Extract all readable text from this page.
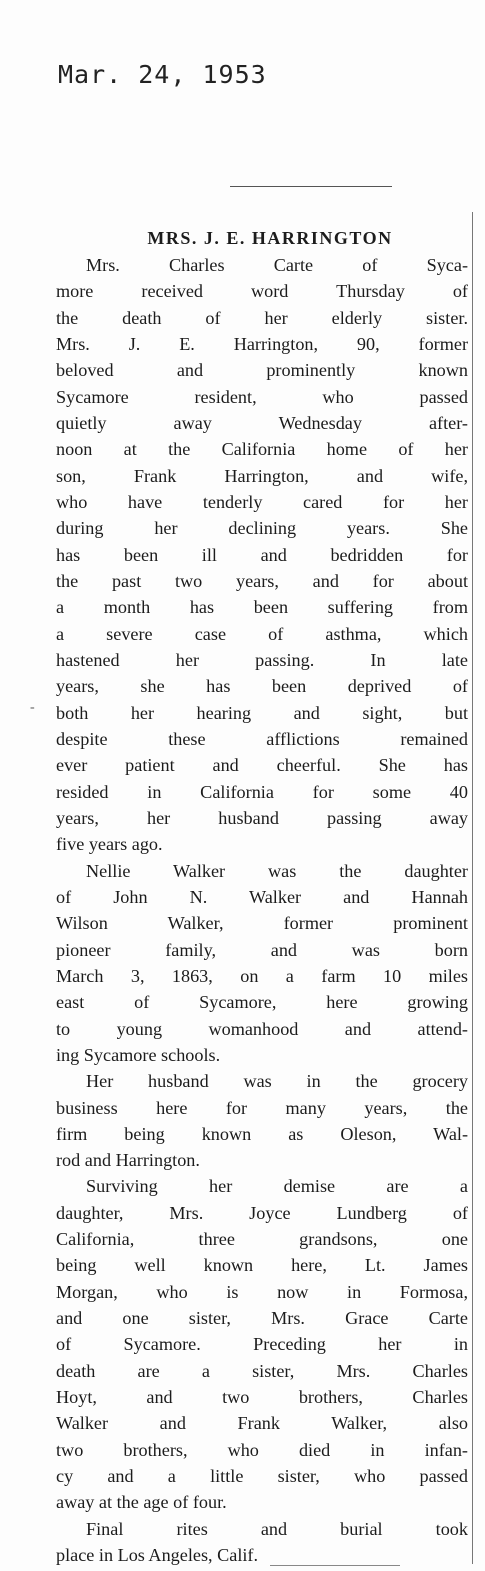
Mar. 24, 1953
-
MRS. J. E. HARRINGTON
Mrs. Charles Carte of Syca-
more received word Thursday of
the death of her elderly sister.
Mrs. J. E. Harrington, 90, former
beloved and prominently known
Sycamore resident, who passed
quietly away Wednesday after-
noon at the California home of her
son, Frank Harrington, and wife,
who have tenderly cared for her
during her declining years. She
has been ill and bedridden for
the past two years, and for about
a month has been suffering from
a severe case of asthma, which
hastened her passing. In late
years, she has been deprived of
both her hearing and sight, but
despite these afflictions remained
ever patient and cheerful. She has
resided in California for some 40
years, her husband passing away
five years ago.
Nellie Walker was the daughter
of John N. Walker and Hannah
Wilson Walker, former prominent
pioneer family, and was born
March 3, 1863, on a farm 10 miles
east of Sycamore, here growing
to young womanhood and attend-
ing Sycamore schools.
Her husband was in the grocery
business here for many years, the
firm being known as Oleson, Wal-
rod and Harrington.
Surviving her demise are a
daughter, Mrs. Joyce Lundberg of
California, three grandsons, one
being well known here, Lt. James
Morgan, who is now in Formosa,
and one sister, Mrs. Grace Carte
of Sycamore. Preceding her in
death are a sister, Mrs. Charles
Hoyt, and two brothers, Charles
Walker and Frank Walker, also
two brothers, who died in infan-
cy and a little sister, who passed
away at the age of four.
Final rites and burial took
place in Los Angeles, Calif.
